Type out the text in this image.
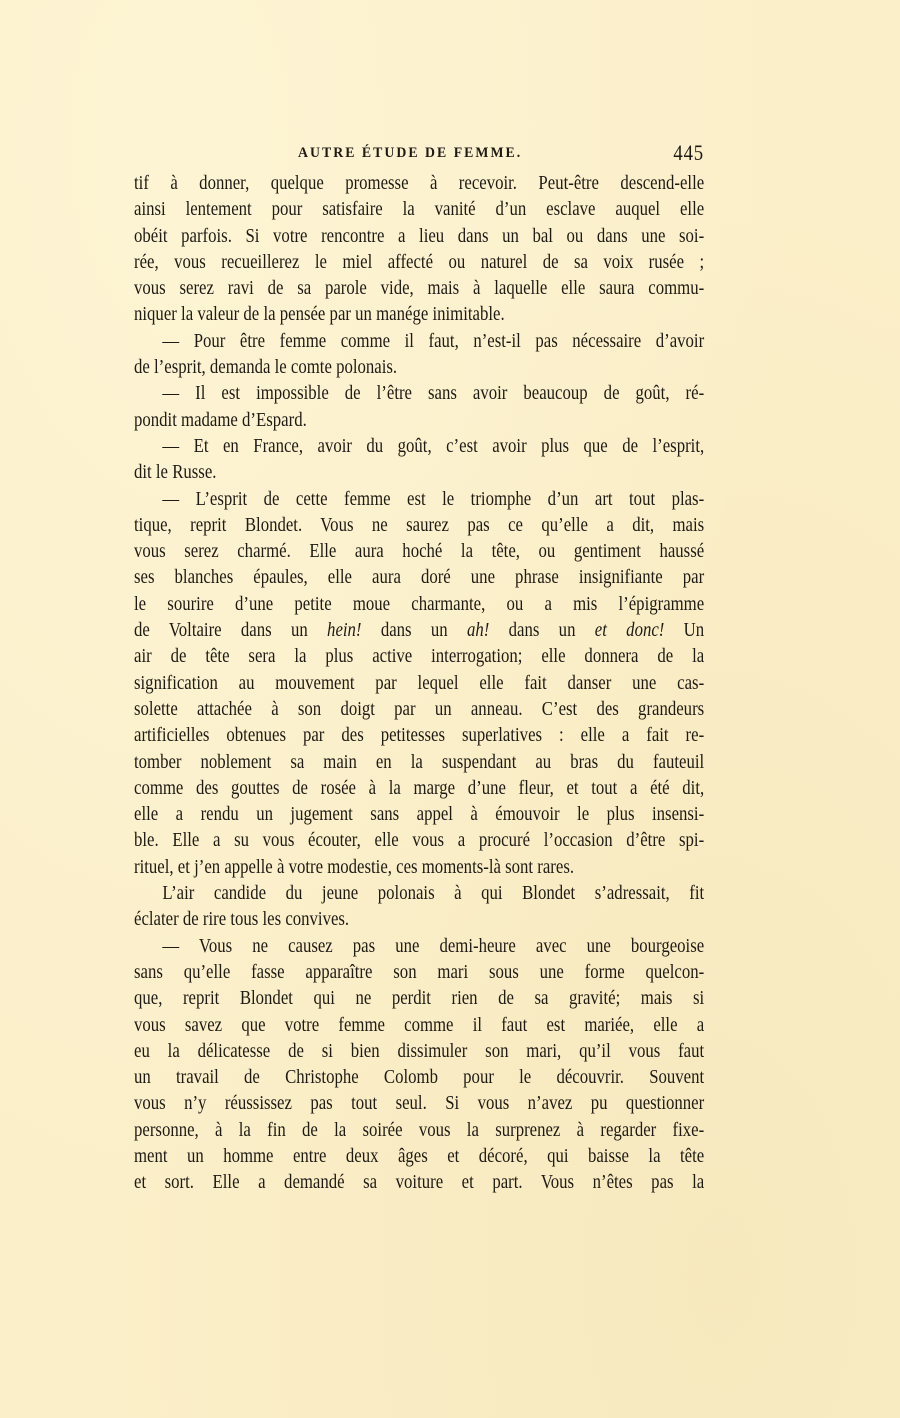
AUTRE ÉTUDE DE FEMME.	445
tif à donner, quelque promesse à recevoir. Peut-être descend-elle
ainsi lentement pour satisfaire la vanité d’un esclave auquel elle
obéit parfois. Si votre rencontre a lieu dans un bal ou dans une soi-
rée, vous recueillerez le miel affecté ou naturel de sa voix rusée ;
vous serez ravi de sa parole vide, mais à laquelle elle saura commu-
niquer la valeur de la pensée par un manége inimitable.
— Pour être femme comme il faut, n’est-il pas nécessaire d’avoir
de l’esprit, demanda le comte polonais.
— Il est impossible de l’être sans avoir beaucoup de goût, ré-
pondit madame d’Espard.
— Et en France, avoir du goût, c’est avoir plus que de l’esprit,
dit le Russe.
— L’esprit de cette femme est le triomphe d’un art tout plas-
tique, reprit Blondet. Vous ne saurez pas ce qu’elle a dit, mais
vous serez charmé. Elle aura hoché la tête, ou gentiment haussé
ses blanches épaules, elle aura doré une phrase insignifiante par
le sourire d’une petite moue charmante, ou a mis l’épigramme
de Voltaire dans un hein! dans un ah! dans un et donc! Un
air de tête sera la plus active interrogation; elle donnera de la
signification au mouvement par lequel elle fait danser une cas-
solette attachée à son doigt par un anneau. C’est des grandeurs
artificielles obtenues par des petitesses superlatives : elle a fait re-
tomber noblement sa main en la suspendant au bras du fauteuil
comme des gouttes de rosée à la marge d’une fleur, et tout a été dit,
elle a rendu un jugement sans appel à émouvoir le plus insensi-
ble. Elle a su vous écouter, elle vous a procuré l’occasion d’être spi-
rituel, et j’en appelle à votre modestie, ces moments-là sont rares.
L’air candide du jeune polonais à qui Blondet s’adressait, fit
éclater de rire tous les convives.
— Vous ne causez pas une demi-heure avec une bourgeoise
sans qu’elle fasse apparaître son mari sous une forme quelcon-
que, reprit Blondet qui ne perdit rien de sa gravité; mais si
vous savez que votre femme comme il faut est mariée, elle a
eu la délicatesse de si bien dissimuler son mari, qu’il vous faut
un travail de Christophe Colomb pour le découvrir. Souvent
vous n’y réussissez pas tout seul. Si vous n’avez pu questionner
personne, à la fin de la soirée vous la surprenez à regarder fixe-
ment un homme entre deux âges et décoré, qui baisse la tête
et sort. Elle a demandé sa voiture et part. Vous n’êtes pas la
